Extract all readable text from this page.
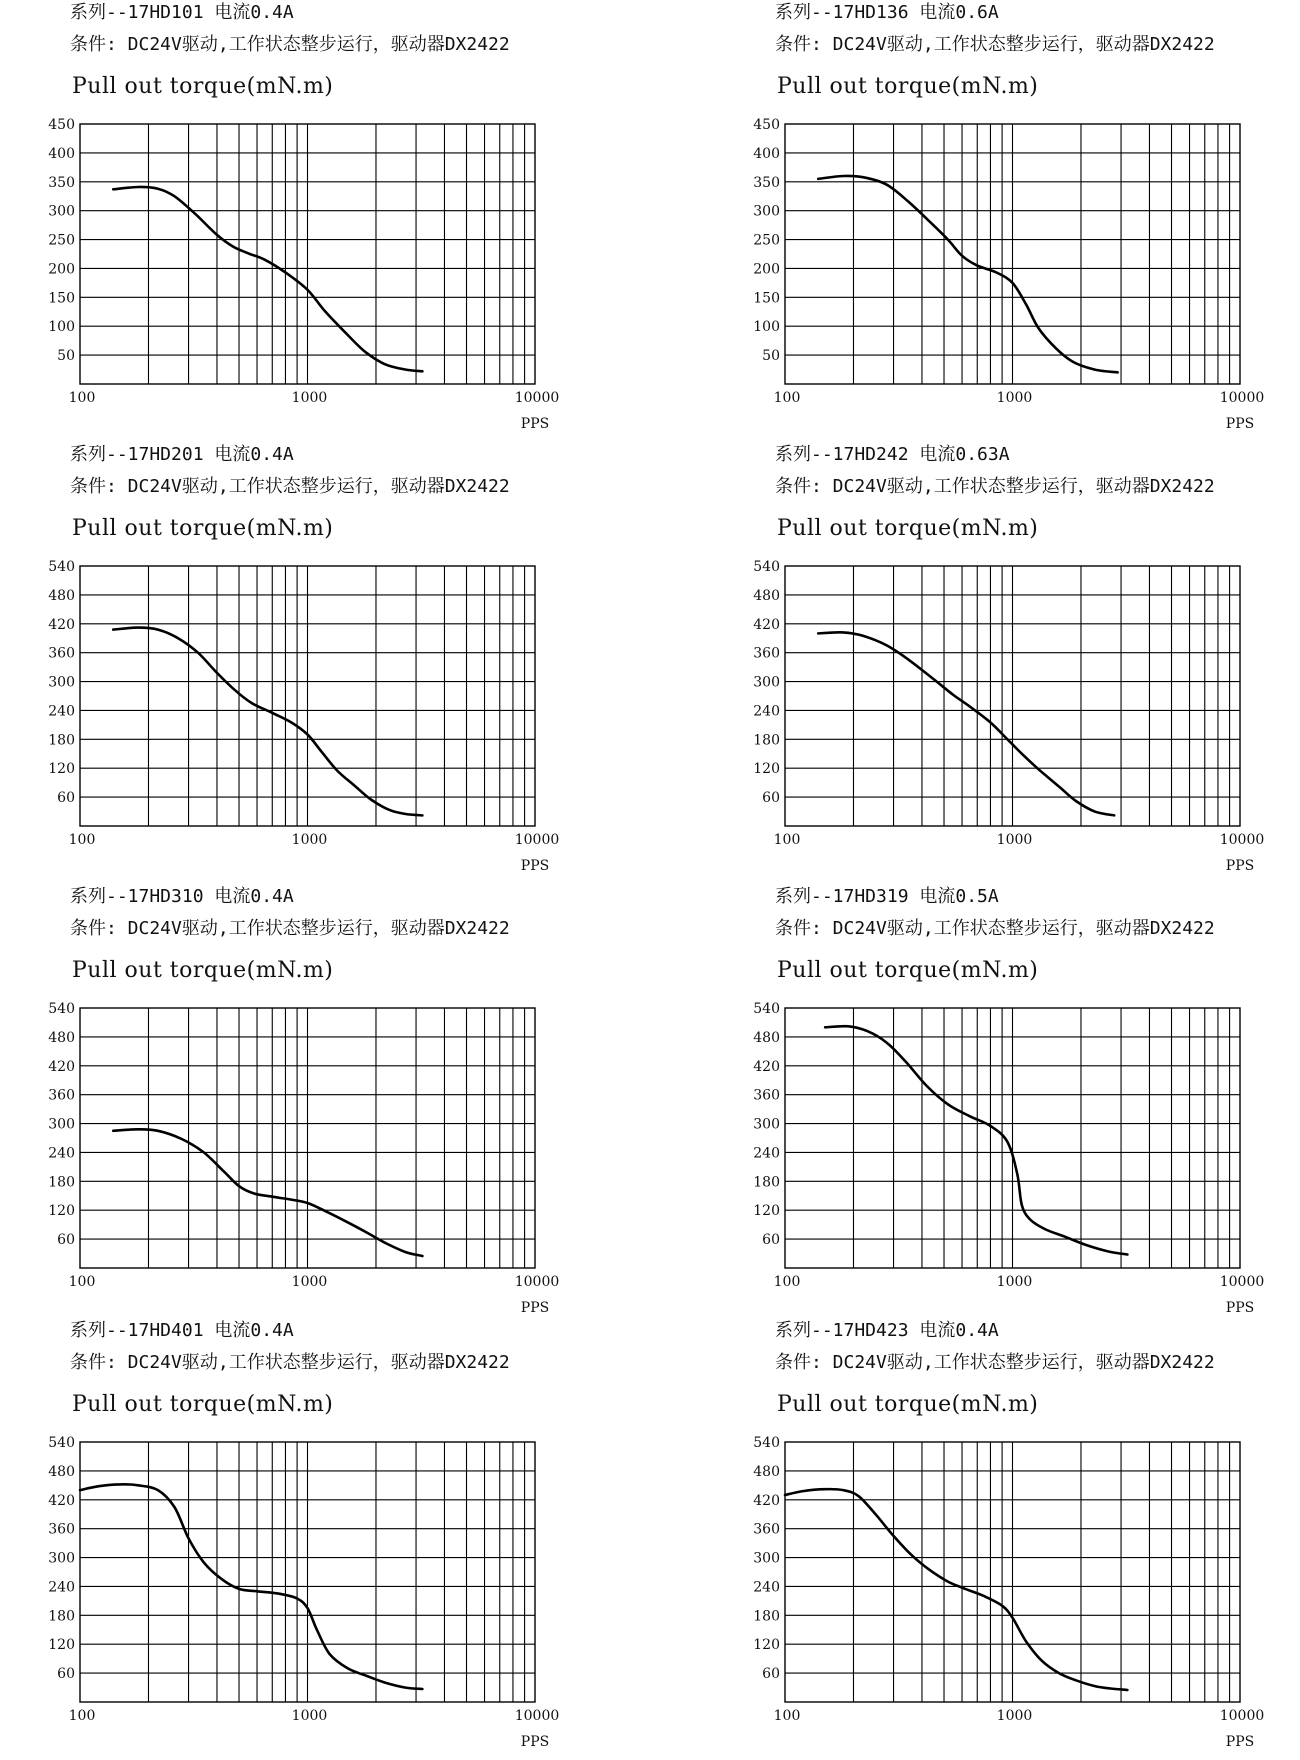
系列--17HD101 电流0.4A
条件: DC24V驱动,工作状态整步运行，驱动器DX2422
Pull out torque(mN.m)
50
100
150
200
250
300
350
400
450
100	1000	10000
PPS
系列--17HD136 电流0.6A
条件: DC24V驱动,工作状态整步运行，驱动器DX2422
Pull out torque(mN.m)
50
100
150
200
250
300
350
400
450
100	1000	10000
PPS
系列--17HD201 电流0.4A
条件: DC24V驱动,工作状态整步运行，驱动器DX2422
Pull out torque(mN.m)
60
120
180
240
300
360
420
480
540
100	1000	10000
PPS
系列--17HD242 电流0.63A
条件: DC24V驱动,工作状态整步运行，驱动器DX2422
Pull out torque(mN.m)
60
120
180
240
300
360
420
480
540
100	1000	10000
PPS
系列--17HD310 电流0.4A
条件: DC24V驱动,工作状态整步运行，驱动器DX2422
Pull out torque(mN.m)
60
120
180
240
300
360
420
480
540
100	1000	10000
PPS
系列--17HD319 电流0.5A
条件: DC24V驱动,工作状态整步运行，驱动器DX2422
Pull out torque(mN.m)
60
120
180
240
300
360
420
480
540
100	1000	10000
PPS
系列--17HD401 电流0.4A
条件: DC24V驱动,工作状态整步运行，驱动器DX2422
Pull out torque(mN.m)
60
120
180
240
300
360
420
480
540
100	1000	10000
PPS
系列--17HD423 电流0.4A
条件: DC24V驱动,工作状态整步运行，驱动器DX2422
Pull out torque(mN.m)
60
120
180
240
300
360
420
480
540
100	1000	10000
PPS
